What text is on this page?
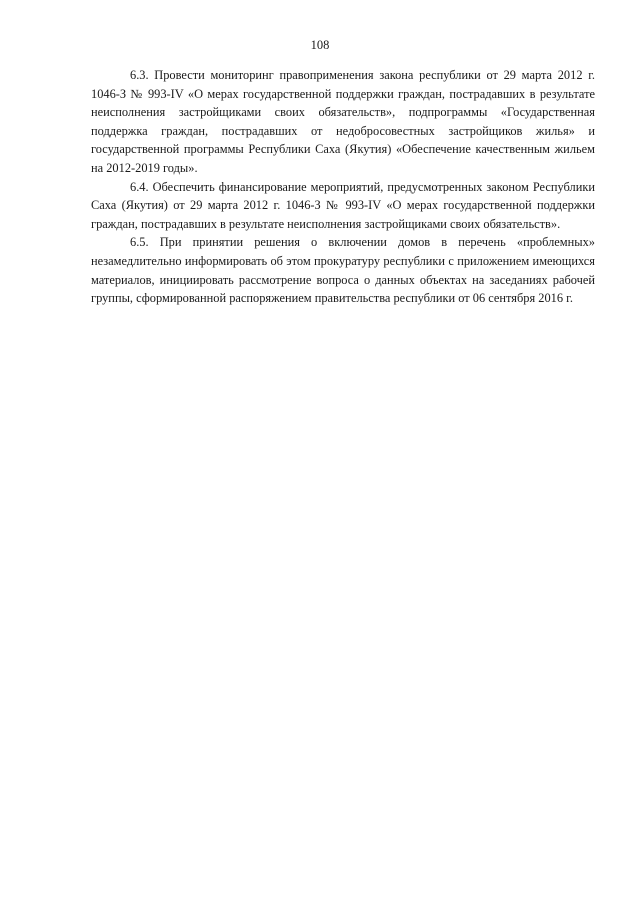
108

6.3. Провести мониторинг правоприменения закона республики от 29 марта 2012 г. 1046-З № 993-IV «О мерах государственной поддержки граждан, пострадавших в результате неисполнения застройщиками своих обязательств», подпрограммы «Государственная поддержка граждан, пострадавших от недобросовестных застройщиков жилья» и государственной программы Республики Саха (Якутия) «Обеспечение качественным жильем на 2012-2019 годы».

6.4. Обеспечить финансирование мероприятий, предусмотренных законом Республики Саха (Якутия) от 29 марта 2012 г. 1046-З № 993-IV «О мерах государственной поддержки граждан, пострадавших в результате неисполнения застройщиками своих обязательств».

6.5. При принятии решения о включении домов в перечень «проблемных» незамедлительно информировать об этом прокуратуру республики с приложением имеющихся материалов, инициировать рассмотрение вопроса о данных объектах на заседаниях рабочей группы, сформированной распоряжением правительства республики от 06 сентября 2016 г.
